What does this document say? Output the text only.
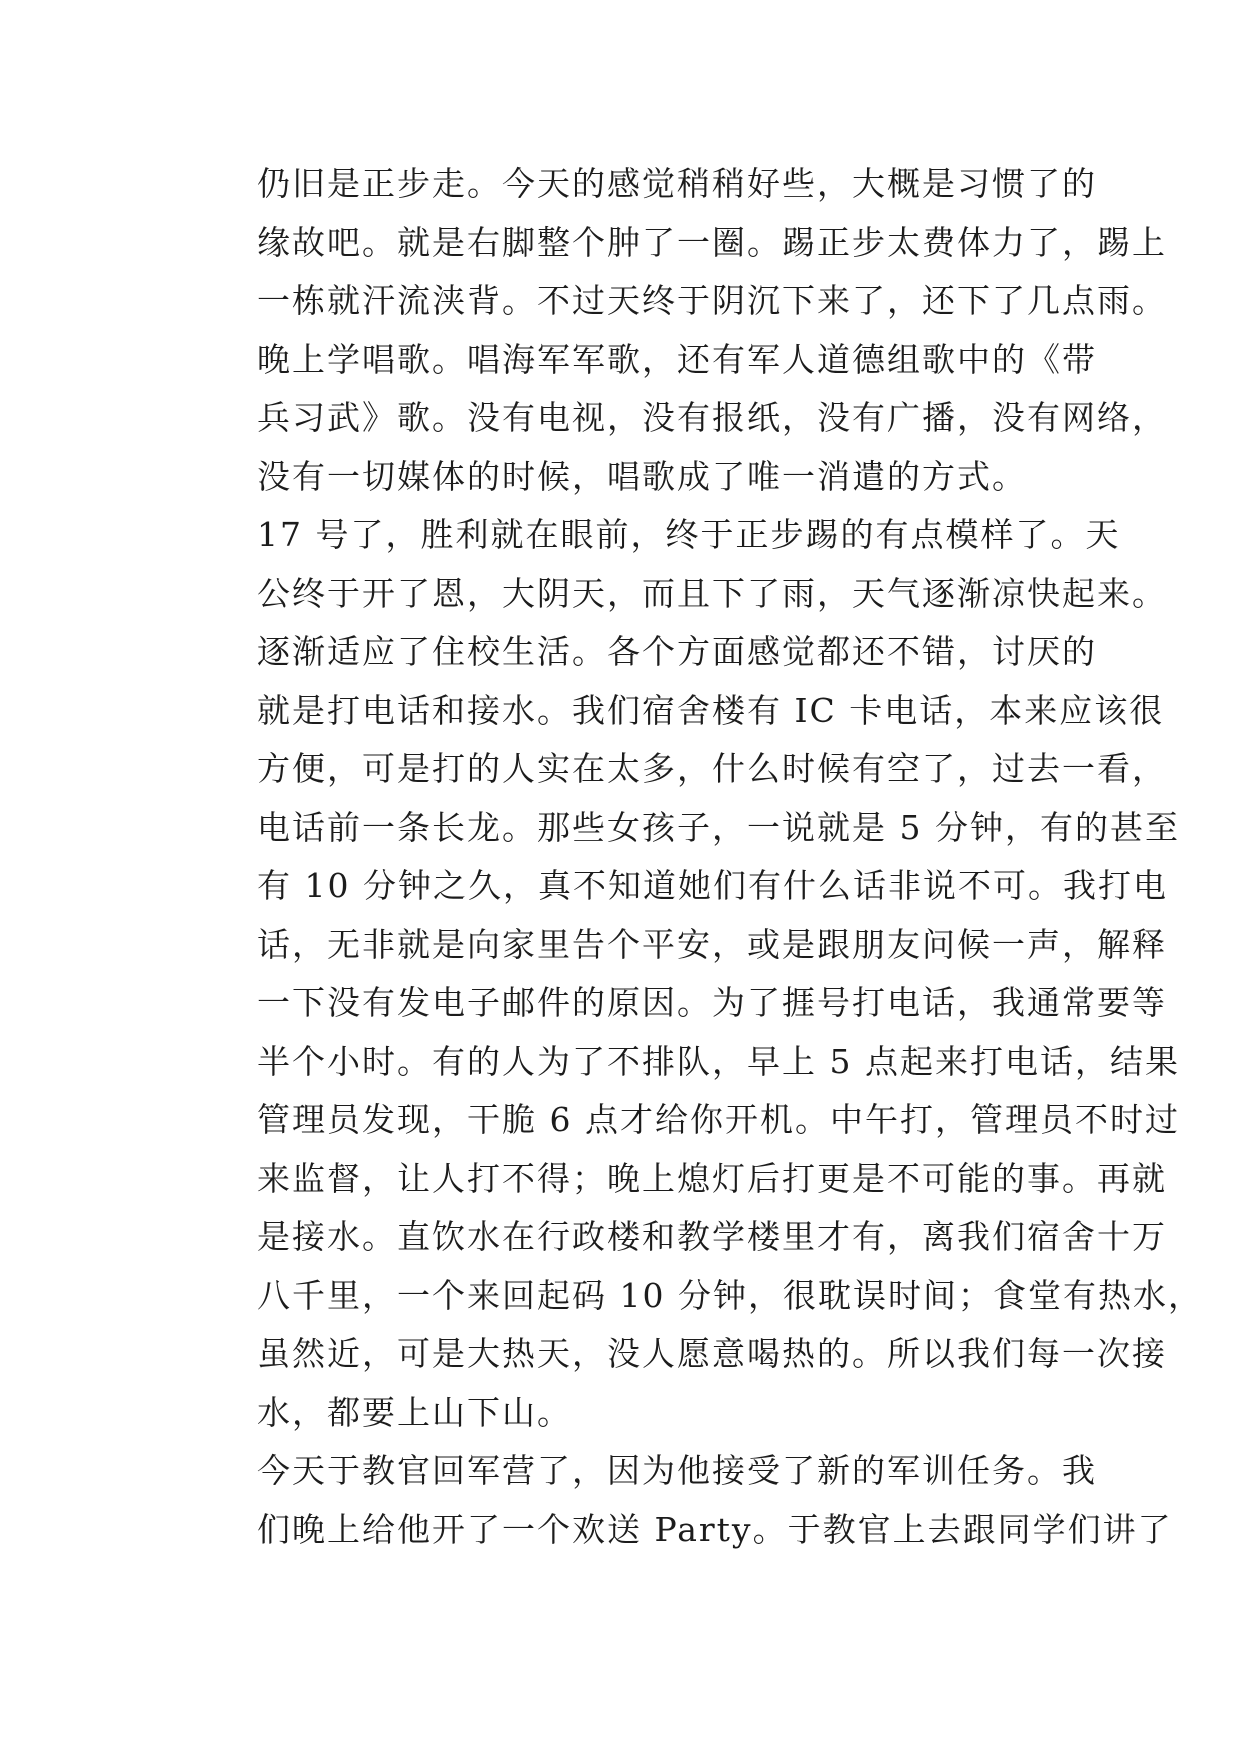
仍旧是正步走。今天的感觉稍稍好些，大概是习惯了的
缘故吧。就是右脚整个肿了一圈。踢正步太费体力了，踢上
一栋就汗流浃背。不过天终于阴沉下来了，还下了几点雨。

晚上学唱歌。唱海军军歌，还有军人道德组歌中的《带
兵习武》歌。没有电视，没有报纸，没有广播，没有网络，
没有一切媒体的时候，唱歌成了唯一消遣的方式。

17 号了，胜利就在眼前，终于正步踢的有点模样了。天
公终于开了恩，大阴天，而且下了雨，天气逐渐凉快起来。

逐渐适应了住校生活。各个方面感觉都还不错，讨厌的
就是打电话和接水。我们宿舍楼有 IC 卡电话，本来应该很
方便，可是打的人实在太多，什么时候有空了，过去一看，
电话前一条长龙。那些女孩子，一说就是 5 分钟，有的甚至
有 10 分钟之久，真不知道她们有什么话非说不可。我打电
话，无非就是向家里告个平安，或是跟朋友问候一声，解释
一下没有发电子邮件的原因。为了捱号打电话，我通常要等
半个小时。有的人为了不排队，早上 5 点起来打电话，结果
管理员发现，干脆 6 点才给你开机。中午打，管理员不时过
来监督，让人打不得；晚上熄灯后打更是不可能的事。再就
是接水。直饮水在行政楼和教学楼里才有，离我们宿舍十万
八千里，一个来回起码 10 分钟，很耽误时间；食堂有热水，
虽然近，可是大热天，没人愿意喝热的。所以我们每一次接
水，都要上山下山。

今天于教官回军营了，因为他接受了新的军训任务。我
们晚上给他开了一个欢送 Party。于教官上去跟同学们讲了
